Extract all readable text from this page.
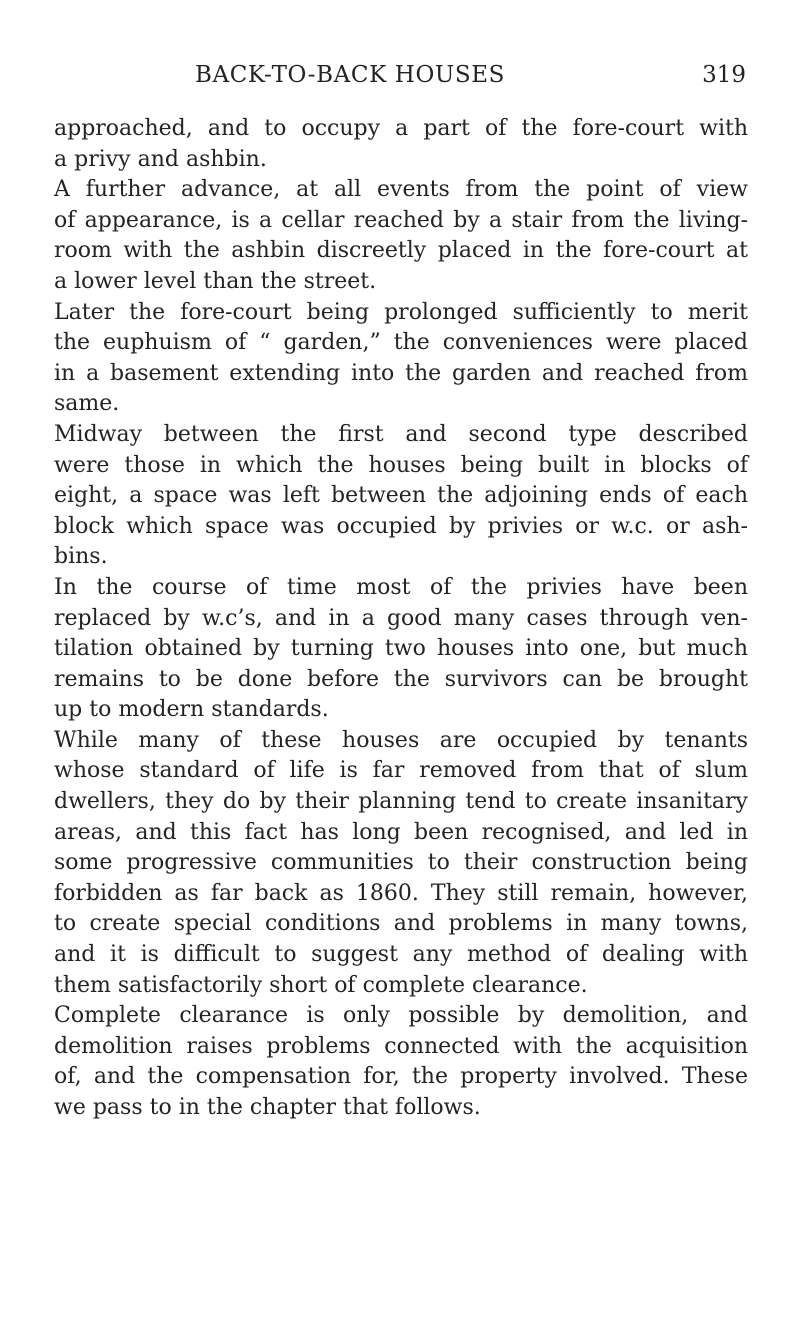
BACK-TO-BACK HOUSES	319
approached, and to occupy a part of the fore-court with
a privy and ashbin.
A further advance, at all events from the point of view
of appearance, is a cellar reached by a stair from the living-
room with the ashbin discreetly placed in the fore-court at
a lower level than the street.
Later the fore-court being prolonged sufficiently to merit
the euphuism of “ garden,” the conveniences were placed
in a basement extending into the garden and reached from
same.
Midway between the first and second type described
were those in which the houses being built in blocks of
eight, a space was left between the adjoining ends of each
block which space was occupied by privies or w.c. or ash-
bins.
In the course of time most of the privies have been
replaced by w.c’s, and in a good many cases through ven-
tilation obtained by turning two houses into one, but much
remains to be done before the survivors can be brought
up to modern standards.
While many of these houses are occupied by tenants
whose standard of life is far removed from that of slum
dwellers, they do by their planning tend to create insanitary
areas, and this fact has long been recognised, and led in
some progressive communities to their construction being
forbidden as far back as 1860. They still remain, however,
to create special conditions and problems in many towns,
and it is difficult to suggest any method of dealing with
them satisfactorily short of complete clearance.
Complete clearance is only possible by demolition, and
demolition raises problems connected with the acquisition
of, and the compensation for, the property involved. These
we pass to in the chapter that follows.
